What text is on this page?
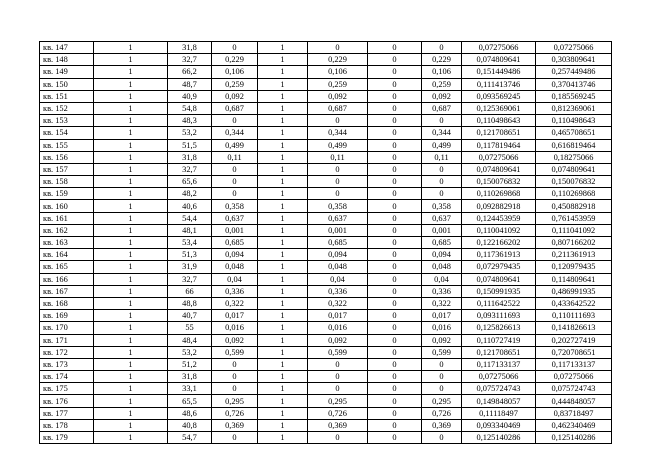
кв. 147	1	31,8	0	1	0	0	0	0,07275066	0,07275066
кв. 148	1	32,7	0,229	1	0,229	0	0,229	0,074809641	0,303809641
кв. 149	1	66,2	0,106	1	0,106	0	0,106	0,151449486	0,257449486
кв. 150	1	48,7	0,259	1	0,259	0	0,259	0,111413746	0,370413746
кв. 151	1	40,9	0,092	1	0,092	0	0,092	0,093569245	0,185569245
кв. 152	1	54,8	0,687	1	0,687	0	0,687	0,125369061	0,812369061
кв. 153	1	48,3	0	1	0	0	0	0,110498643	0,110498643
кв. 154	1	53,2	0,344	1	0,344	0	0,344	0,121708651	0,465708651
кв. 155	1	51,5	0,499	1	0,499	0	0,499	0,117819464	0,616819464
кв. 156	1	31,8	0,11	1	0,11	0	0,11	0,07275066	0,18275066
кв. 157	1	32,7	0	1	0	0	0	0,074809641	0,074809641
кв. 158	1	65,6	0	1	0	0	0	0,150076832	0,150076832
кв. 159	1	48,2	0	1	0	0	0	0,110269868	0,110269868
кв. 160	1	40,6	0,358	1	0,358	0	0,358	0,092882918	0,450882918
кв. 161	1	54,4	0,637	1	0,637	0	0,637	0,124453959	0,761453959
кв. 162	1	48,1	0,001	1	0,001	0	0,001	0,110041092	0,111041092
кв. 163	1	53,4	0,685	1	0,685	0	0,685	0,122166202	0,807166202
кв. 164	1	51,3	0,094	1	0,094	0	0,094	0,117361913	0,211361913
кв. 165	1	31,9	0,048	1	0,048	0	0,048	0,072979435	0,120979435
кв. 166	1	32,7	0,04	1	0,04	0	0,04	0,074809641	0,114809641
кв. 167	1	66	0,336	1	0,336	0	0,336	0,150991935	0,486991935
кв. 168	1	48,8	0,322	1	0,322	0	0,322	0,111642522	0,433642522
кв. 169	1	40,7	0,017	1	0,017	0	0,017	0,093111693	0,110111693
кв. 170	1	55	0,016	1	0,016	0	0,016	0,125826613	0,141826613
кв. 171	1	48,4	0,092	1	0,092	0	0,092	0,110727419	0,202727419
кв. 172	1	53,2	0,599	1	0,599	0	0,599	0,121708651	0,720708651
кв. 173	1	51,2	0	1	0	0	0	0,117133137	0,117133137
кв. 174	1	31,8	0	1	0	0	0	0,07275066	0,07275066
кв. 175	1	33,1	0	1	0	0	0	0,075724743	0,075724743
кв. 176	1	65,5	0,295	1	0,295	0	0,295	0,149848057	0,444848057
кв. 177	1	48,6	0,726	1	0,726	0	0,726	0,11118497	0,83718497
кв. 178	1	40,8	0,369	1	0,369	0	0,369	0,093340469	0,462340469
кв. 179	1	54,7	0	1	0	0	0	0,125140286	0,125140286
